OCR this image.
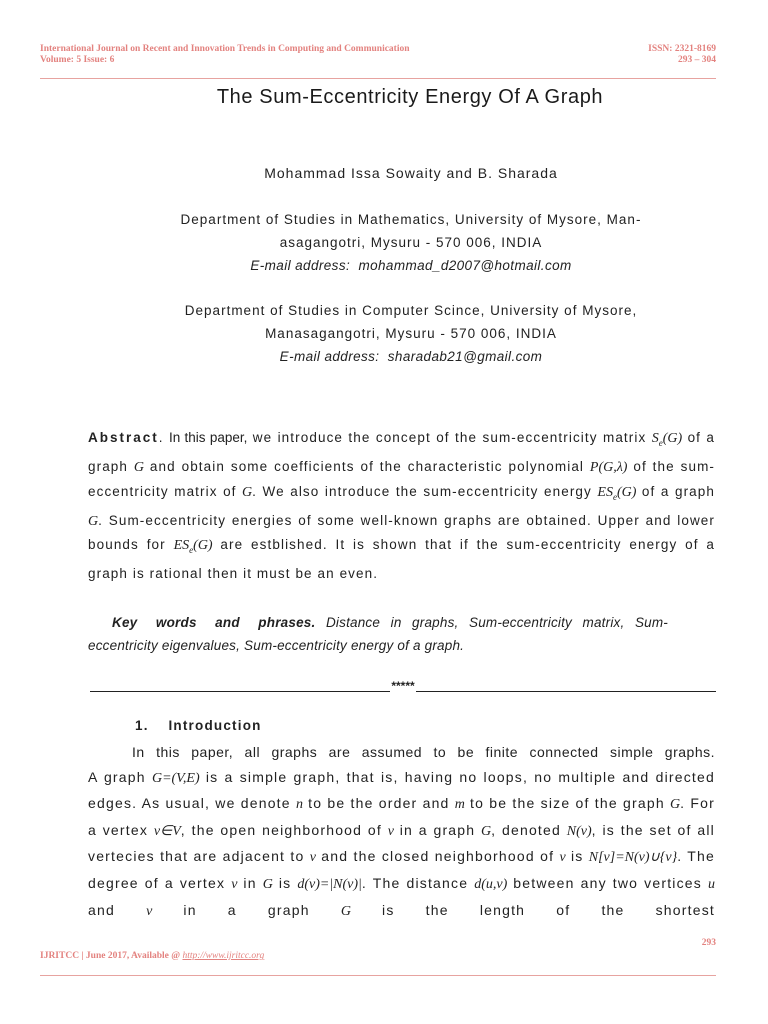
International Journal on Recent and Innovation Trends in Computing and Communication
Volume: 5 Issue: 6
ISSN: 2321-8169
293 – 304
The Sum-Eccentricity Energy Of A Graph
Mohammad Issa Sowaity and B. Sharada
Department of Studies in Mathematics, University of Mysore, Man-
asagangotri, Mysuru - 570 006, INDIA
E-mail address: mohammad_d2007@hotmail.com
Department of Studies in Computer Scince, University of Mysore,
Manasagangotri, Mysuru - 570 006, INDIA
E-mail address: sharadab21@gmail.com
Abstract. In this paper, we introduce the concept of the sum-eccentricity matrix $S_e(G)$ of a graph G and obtain some coefficients of the characteristic polynomial P(G,λ) of the sum-eccentricity matrix of G. We also introduce the sum-eccentricity energy $ES_e(G)$ of a graph G. Sum-eccentricity energies of some well-known graphs are obtained. Upper and lower bounds for $ES_e(G)$ are estblished. It is shown that if the sum-eccentricity energy of a graph is rational then it must be an even.
Key words and phrases. Distance in graphs, Sum-eccentricity matrix, Sum-eccentricity eigenvalues, Sum-eccentricity energy of a graph.
*****
1.    Introduction
In this paper, all graphs are assumed to be finite connected simple graphs.
A graph G=(V,E) is a simple graph, that is, having no loops, no multiple and directed edges. As usual, we denote n to be the order and m to be the size of the graph G. For a vertex v∈V, the open neighborhood of v in a graph G, denoted N(v), is the set of all vertecies that are adjacent to v and the closed neighborhood of v is N[v]=N(v)∪{v}. The degree of a vertex v in G is d(v)=|N(v)|. The distance d(u,v) between any two vertices u and v in a graph G is the length of the shortest
293
IJRITCC | June 2017, Available @ http://www.ijritcc.org
